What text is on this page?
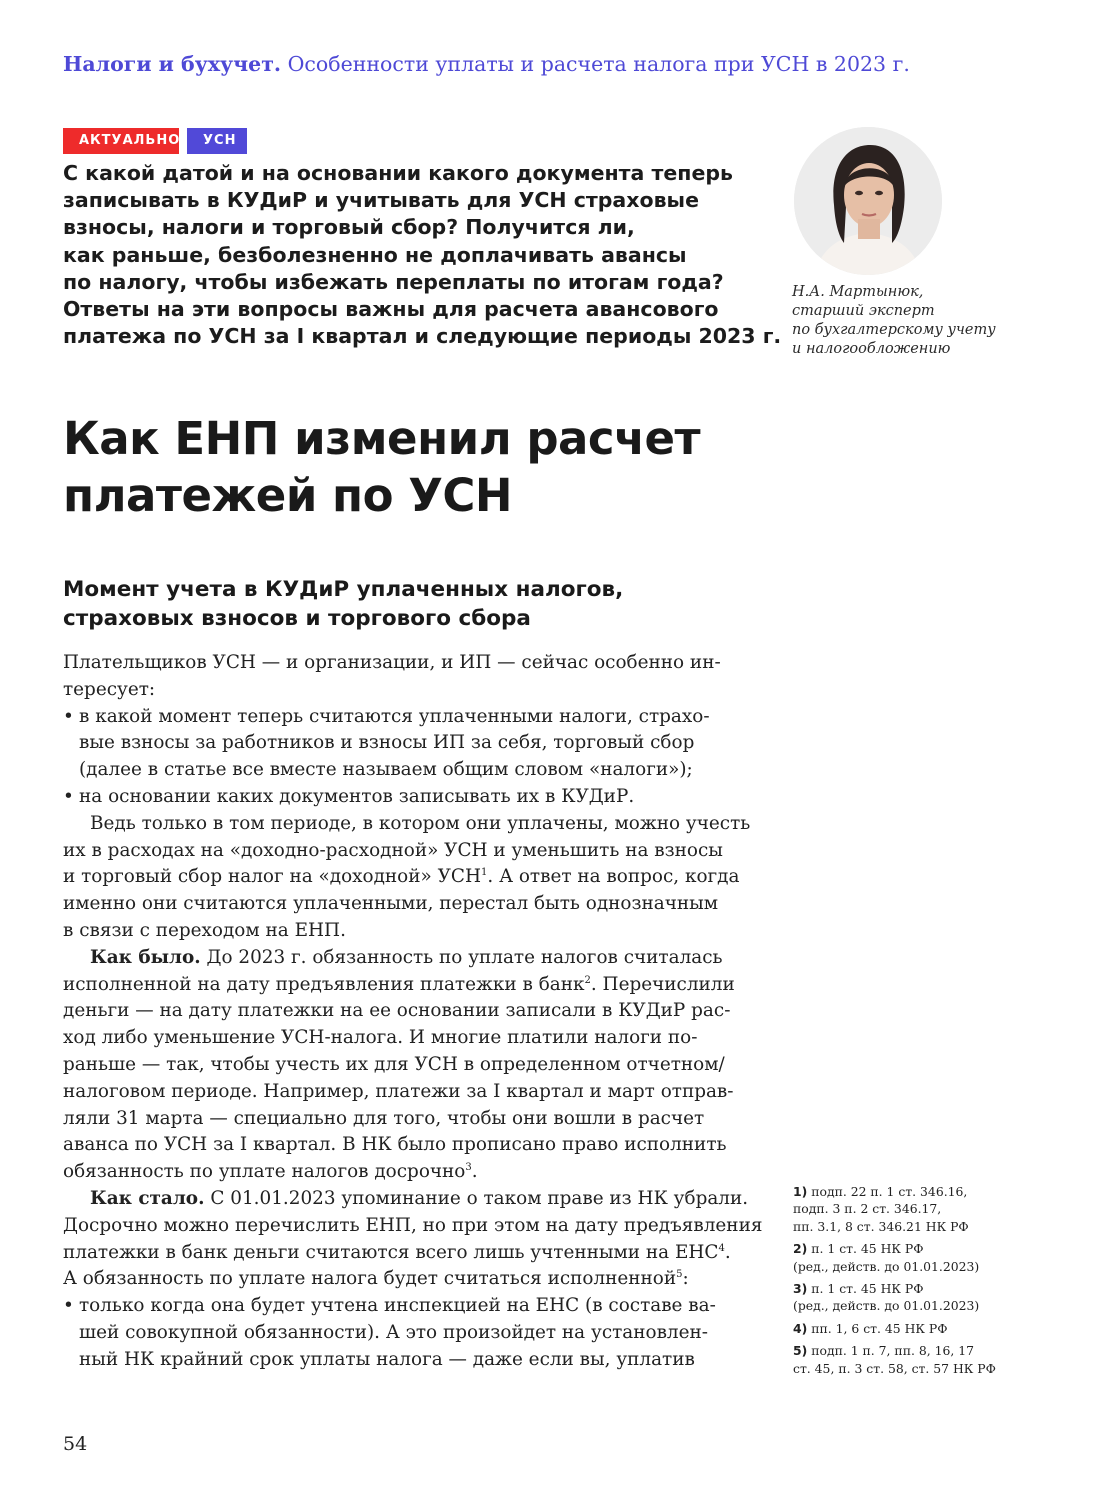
Налоги и бухучет. Особенности уплаты и расчета налога при УСН в 2023 г.
АКТУАЛЬНО	УСН
С какой датой и на основании какого документа теперь
записывать в КУДиР и учитывать для УСН страховые
взносы, налоги и торговый сбор? Получится ли,
как раньше, безболезненно не доплачивать авансы
по налогу, чтобы избежать переплаты по итогам года?
Ответы на эти вопросы важны для расчета авансового
платежа по УСН за I квартал и следующие периоды 2023 г.
Н.А. Мартынюк,
старший эксперт
по бухгалтерскому учету
и налогообложению
Как ЕНП изменил расчет
платежей по УСН
Момент учета в КУДиР уплаченных налогов,
страховых взносов и торгового сбора
Плательщиков УСН — и организации, и ИП — сейчас особенно ин-
тересует:
• в какой момент теперь считаются уплаченными налоги, страхо-
вые взносы за работников и взносы ИП за себя, торговый сбор
(далее в статье все вместе называем общим словом «налоги»);
• на основании каких документов записывать их в КУДиР.
Ведь только в том периоде, в котором они уплачены, можно учесть
их в расходах на «доходно-расходной» УСН и уменьшить на взносы
и торговый сбор налог на «доходной» УСН$^1$. А ответ на вопрос, когда
именно они считаются уплаченными, перестал быть однозначным
в связи с переходом на ЕНП.
Как было. До 2023 г. обязанность по уплате налогов считалась
исполненной на дату предъявления платежки в банк$^2$. Перечислили
деньги — на дату платежки на ее основании записали в КУДиР рас-
ход либо уменьшение УСН-налога. И многие платили налоги по-
раньше — так, чтобы учесть их для УСН в определенном отчетном/
налоговом периоде. Например, платежи за I квартал и март отправ-
ляли 31 марта — специально для того, чтобы они вошли в расчет
аванса по УСН за I квартал. В НК было прописано право исполнить
обязанность по уплате налогов досрочно$^3$.
Как стало. С 01.01.2023 упоминание о таком праве из НК убрали.
Досрочно можно перечислить ЕНП, но при этом на дату предъявления
платежки в банк деньги считаются всего лишь учтенными на ЕНС$^4$.
А обязанность по уплате налога будет считаться исполненной$^5$:
• только когда она будет учтена инспекцией на ЕНС (в составе ва-
шей совокупной обязанности). А это произойдет на установлен-
ный НК крайний срок уплаты налога — даже если вы, уплатив
1) подп. 22 п. 1 ст. 346.16,
подп. 3 п. 2 ст. 346.17,
пп. 3.1, 8 ст. 346.21 НК РФ
2) п. 1 ст. 45 НК РФ
(ред., действ. до 01.01.2023)
3) п. 1 ст. 45 НК РФ
(ред., действ. до 01.01.2023)
4) пп. 1, 6 ст. 45 НК РФ
5) подп. 1 п. 7, пп. 8, 16, 17
ст. 45, п. 3 ст. 58, ст. 57 НК РФ
54
